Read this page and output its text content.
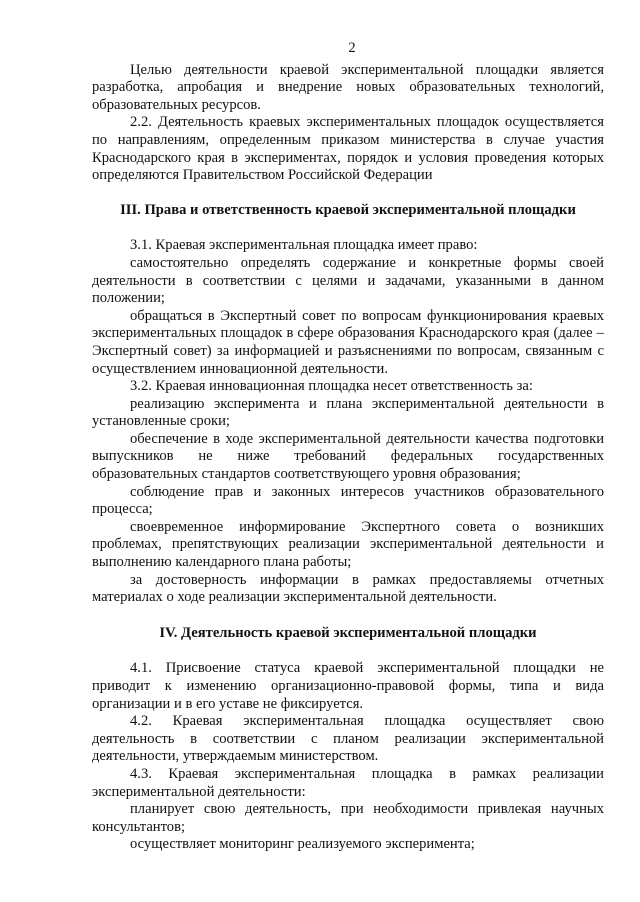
2

Целью деятельности краевой экспериментальной площадки является разработка, апробация и внедрение новых образовательных технологий, образовательных ресурсов.

2.2. Деятельность краевых экспериментальных площадок осуществляется по направлениям, определенным приказом министерства в случае участия Краснодарского края в экспериментах, порядок и условия проведения которых определяются Правительством Российской Федерации

III. Права и ответственность краевой экспериментальной площадки

3.1. Краевая экспериментальная площадка имеет право:

самостоятельно определять содержание и конкретные формы своей деятельности в соответствии с целями и задачами, указанными в данном положении;

обращаться в Экспертный совет по вопросам функционирования краевых экспериментальных площадок в сфере образования Краснодарского края (далее – Экспертный совет) за информацией и разъяснениями по вопросам, связанным с осуществлением инновационной деятельности.

3.2. Краевая инновационная площадка несет ответственность за:

реализацию эксперимента и плана экспериментальной деятельности в установленные сроки;

обеспечение в ходе экспериментальной деятельности качества подготовки выпускников не ниже требований федеральных государственных образовательных стандартов соответствующего уровня образования;

соблюдение прав и законных интересов участников образовательного процесса;

своевременное информирование Экспертного совета о возникших проблемах, препятствующих реализации экспериментальной деятельности и выполнению календарного плана работы;

за достоверность информации в рамках предоставляемы отчетных материалах о ходе реализации экспериментальной деятельности.

IV. Деятельность краевой экспериментальной площадки

4.1. Присвоение статуса краевой экспериментальной площадки не приводит к изменению организационно-правовой формы, типа и вида организации и в его уставе не фиксируется.

4.2. Краевая экспериментальная площадка осуществляет свою деятельность в соответствии с планом реализации экспериментальной деятельности, утверждаемым министерством.

4.3. Краевая экспериментальная площадка в рамках реализации экспериментальной деятельности:

планирует свою деятельность, при необходимости привлекая научных консультантов;

осуществляет мониторинг реализуемого эксперимента;
